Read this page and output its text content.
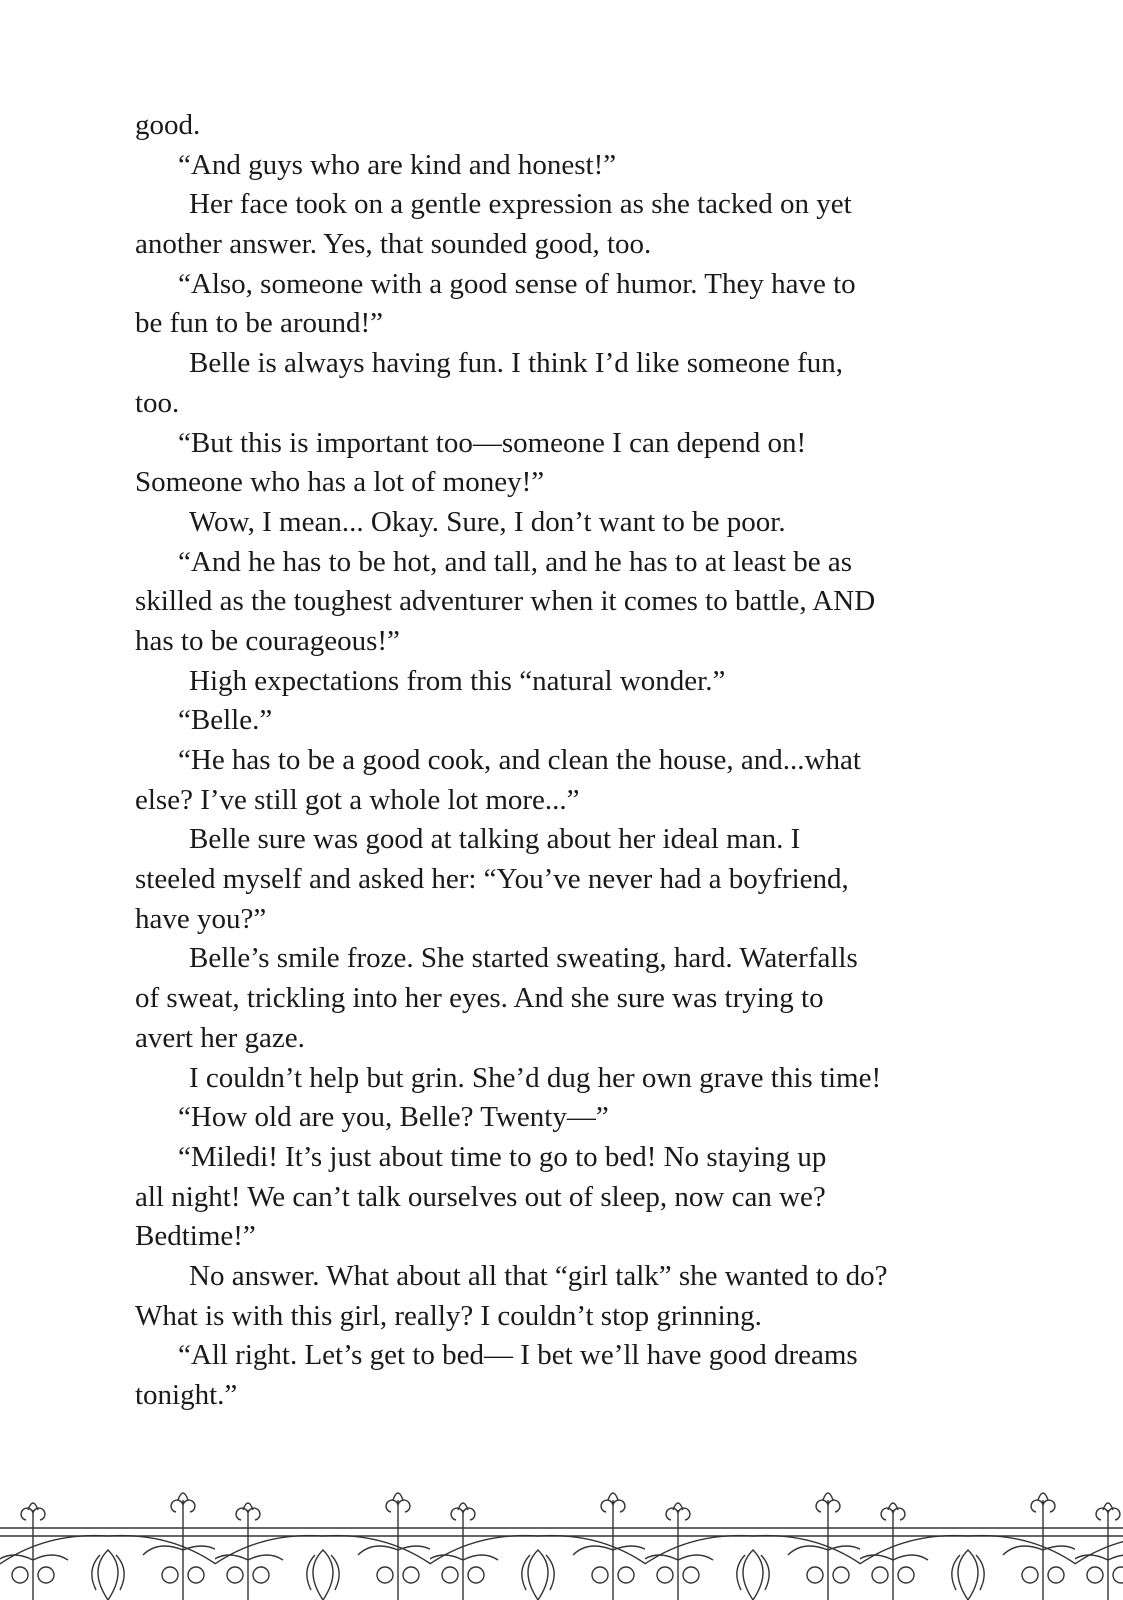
good.
“And guys who are kind and honest!”
Her face took on a gentle expression as she tacked on yet
another answer. Yes, that sounded good, too.
“Also, someone with a good sense of humor. They have to
be fun to be around!”
Belle is always having fun. I think I’d like someone fun,
too.
“But this is important too—someone I can depend on!
Someone who has a lot of money!”
Wow, I mean... Okay. Sure, I don’t want to be poor.
“And he has to be hot, and tall, and he has to at least be as
skilled as the toughest adventurer when it comes to battle, AND
has to be courageous!”
High expectations from this “natural wonder.”
“Belle.”
“He has to be a good cook, and clean the house, and...what
else? I’ve still got a whole lot more...”
Belle sure was good at talking about her ideal man. I
steeled myself and asked her: “You’ve never had a boyfriend,
have you?”
Belle’s smile froze. She started sweating, hard. Waterfalls
of sweat, trickling into her eyes. And she sure was trying to
avert her gaze.
I couldn’t help but grin. She’d dug her own grave this time!
“How old are you, Belle? Twenty—”
“Miledi! It’s just about time to go to bed! No staying up
all night! We can’t talk ourselves out of sleep, now can we?
Bedtime!”
No answer. What about all that “girl talk” she wanted to do?
What is with this girl, really? I couldn’t stop grinning.
“All right. Let’s get to bed— I bet we’ll have good dreams
tonight.”
